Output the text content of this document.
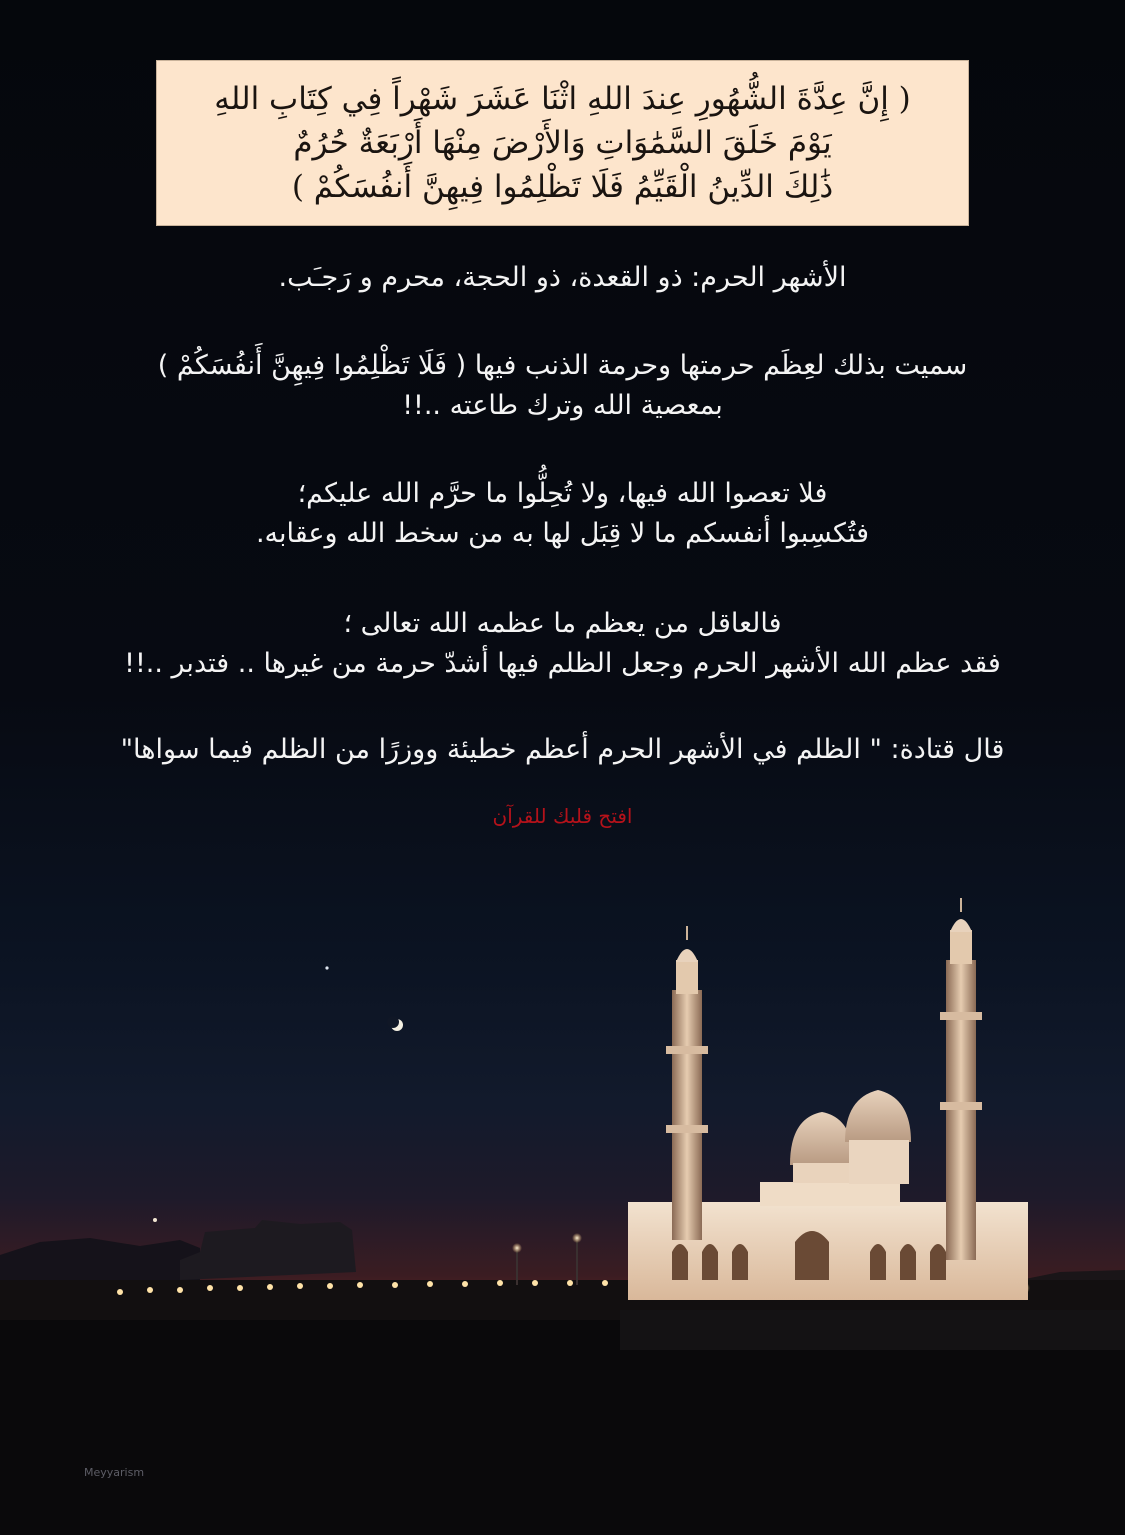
( إِنَّ عِدَّةَ الشُّهُورِ عِندَ اللهِ اثْنَا عَشَرَ شَهْراً فِي كِتَابِ اللهِ
يَوْمَ خَلَقَ السَّمَٰوَاتِ وَالأَرْضَ مِنْهَا أَرْبَعَةٌ حُرُمٌ
ذَٰلِكَ الدِّينُ الْقَيِّمُ فَلَا تَظْلِمُوا فِيهِنَّ أَنفُسَكُمْ )
الأشهر الحرم: ذو القعدة، ذو الحجة، محرم و رَجـَب.
سميت بذلك لعِظَم حرمتها وحرمة الذنب فيها ( فَلَا تَظْلِمُوا فِيهِنَّ أَنفُسَكُمْ )
بمعصية الله وترك طاعته ..!!
فلا تعصوا الله فيها، ولا تُحِلُّوا ما حرَّم الله عليكم؛
فتُكسِبوا أنفسكم ما لا قِبَل لها به من سخط الله وعقابه.
فالعاقل من يعظم ما عظمه الله تعالى ؛
فقد عظم الله الأشهر الحرم وجعل الظلم فيها أشدّ حرمة من غيرها .. فتدبر ..!!
قال قتادة: " الظلم في الأشهر الحرم أعظم خطيئة ووزرًا من الظلم فيما سواها"
افتح قلبك للقرآن
Meyyarism
